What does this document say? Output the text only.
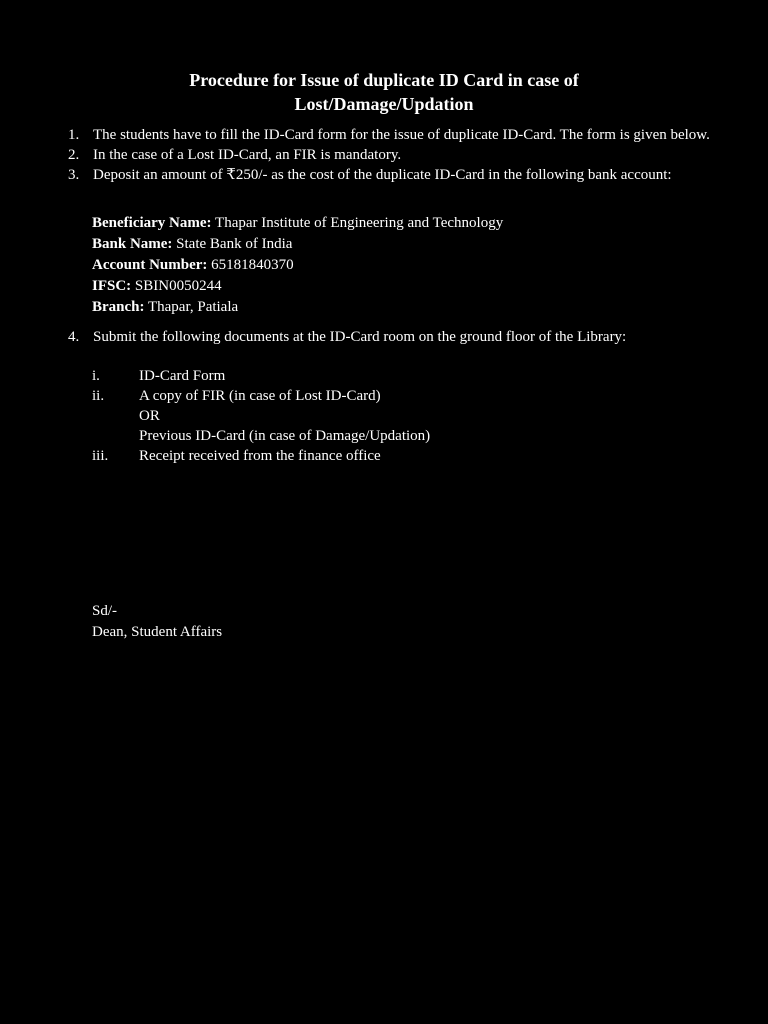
Procedure for Issue of duplicate ID Card in case of
Lost/Damage/Updation
1. The students have to fill the ID-Card form for the issue of duplicate ID-Card. The form is given below.
2. In the case of a Lost ID-Card, an FIR is mandatory.
3. Deposit an amount of ₹250/- as the cost of the duplicate ID-Card in the following bank account:
Beneficiary Name: Thapar Institute of Engineering and Technology
Bank Name: State Bank of India
Account Number: 65181840370
IFSC: SBIN0050244
Branch: Thapar, Patiala
4. Submit the following documents at the ID-Card room on the ground floor of the Library:
i.	ID-Card Form
ii. A copy of FIR (in case of Lost ID-Card)
OR
Previous ID-Card (in case of Damage/Updation)
iii. Receipt received from the finance office
Sd/-
Dean, Student Affairs
